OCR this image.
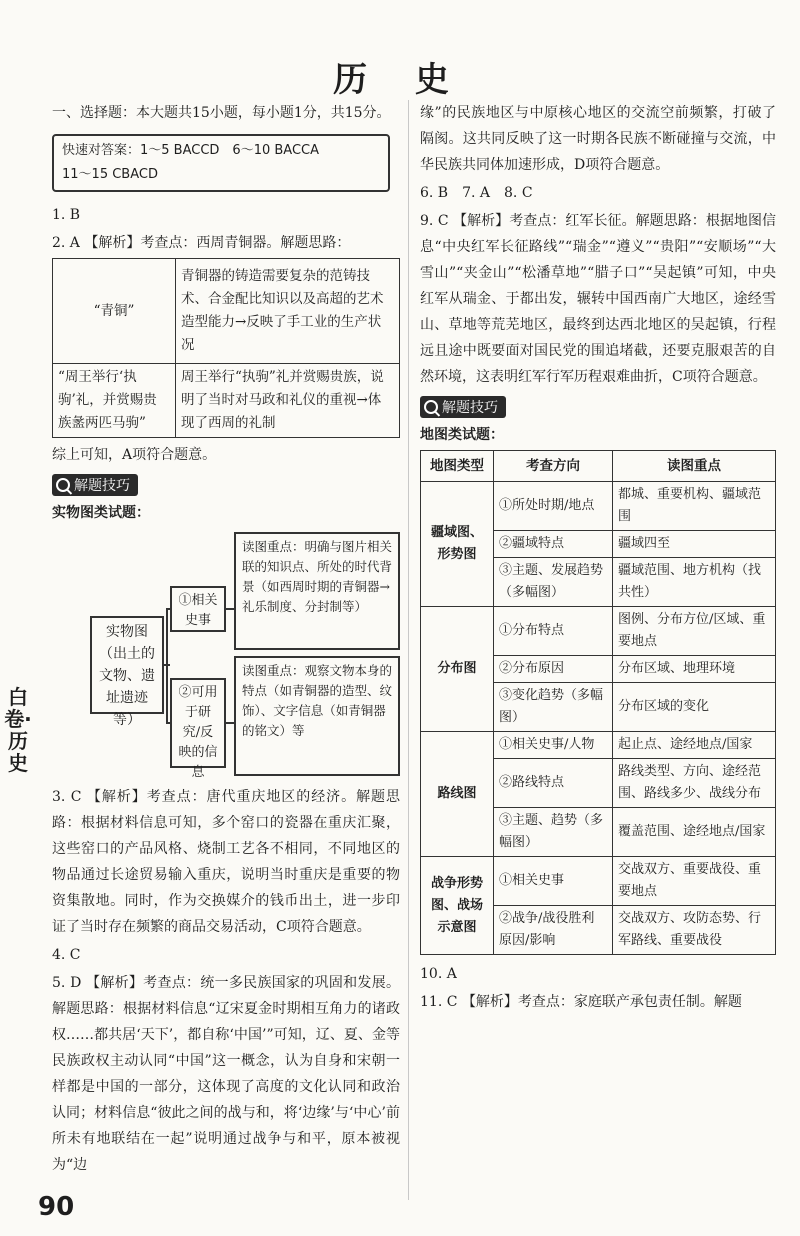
历 史

一、选择题：本大题共15小题，每小题1分，共15分。

快速对答案：1～5 BACCD　6～10 BACCA
11～15 CBACD

1. B

2. A 【解析】考查点：西周青铜器。解题思路：

“青铜”	青铜器的铸造需要复杂的范铸技术、合金配比知识以及高超的艺术造型能力→反映了手工业的生产状况
“周王举行‘执驹’礼，并赏赐贵族盠两匹马驹”	周王举行“执驹”礼并赏赐贵族，说明了当时对马政和礼仪的重视→体现了西周的礼制

综上可知，A项符合题意。

解题技巧

实物图类试题：

实物图（出土的文物、遗址遗迹等）
①相关史事
②可用于研究/反映的信息
读图重点：明确与图片相关联的知识点、所处的时代背景（如西周时期的青铜器→礼乐制度、分封制等）
读图重点：观察文物本身的特点（如青铜器的造型、纹饰）、文字信息（如青铜器的铭文）等

3. C 【解析】考查点：唐代重庆地区的经济。解题思路：根据材料信息可知，多个窑口的瓷器在重庆汇聚，这些窑口的产品风格、烧制工艺各不相同，不同地区的物品通过长途贸易输入重庆，说明当时重庆是重要的物资集散地。同时，作为交换媒介的钱币出土，进一步印证了当时存在频繁的商品交易活动，C项符合题意。

4. C

5. D 【解析】考查点：统一多民族国家的巩固和发展。解题思路：根据材料信息“辽宋夏金时期相互角力的诸政权……都共居‘天下’，都自称‘中国’”可知，辽、夏、金等民族政权主动认同“中国”这一概念，认为自身和宋朝一样都是中国的一部分，这体现了高度的文化认同和政治认同；材料信息“彼此之间的战与和，将‘边缘’与‘中心’前所未有地联结在一起”说明通过战争与和平，原本被视为“边

缘”的民族地区与中原核心地区的交流空前频繁，打破了隔阂。这共同反映了这一时期各民族不断碰撞与交流，中华民族共同体加速形成，D项符合题意。

6. B　7. A　8. C

9. C 【解析】考查点：红军长征。解题思路：根据地图信息“中央红军长征路线”“瑞金”“遵义”“贵阳”“安顺场”“大雪山”“夹金山”“松潘草地”“腊子口”“吴起镇”可知，中央红军从瑞金、于都出发，辗转中国西南广大地区，途经雪山、草地等荒芜地区，最终到达西北地区的吴起镇，行程远且途中既要面对国民党的围追堵截，还要克服艰苦的自然环境，这表明红军行军历程艰难曲折，C项符合题意。

解题技巧

地图类试题：

地图类型	考查方向	读图重点
疆域图、形势图	①所处时期/地点	都城、重要机构、疆域范围
	②疆域特点	疆域四至
	③主题、发展趋势（多幅图）	疆域范围、地方机构（找共性）
分布图	①分布特点	图例、分布方位/区域、重要地点
	②分布原因	分布区域、地理环境
	③变化趋势（多幅图）	分布区域的变化
路线图	①相关史事/人物	起止点、途经地点/国家
	②路线特点	路线类型、方向、途经范围、路线多少、战线分布
	③主题、趋势（多幅图）	覆盖范围、途经地点/国家
战争形势图、战场示意图	①相关史事	交战双方、重要战役、重要地点
	②战争/战役胜利原因/影响	交战双方、攻防态势、行军路线、重要战役

10. A

11. C 【解析】考查点：家庭联产承包责任制。解题

白卷·历史
90
